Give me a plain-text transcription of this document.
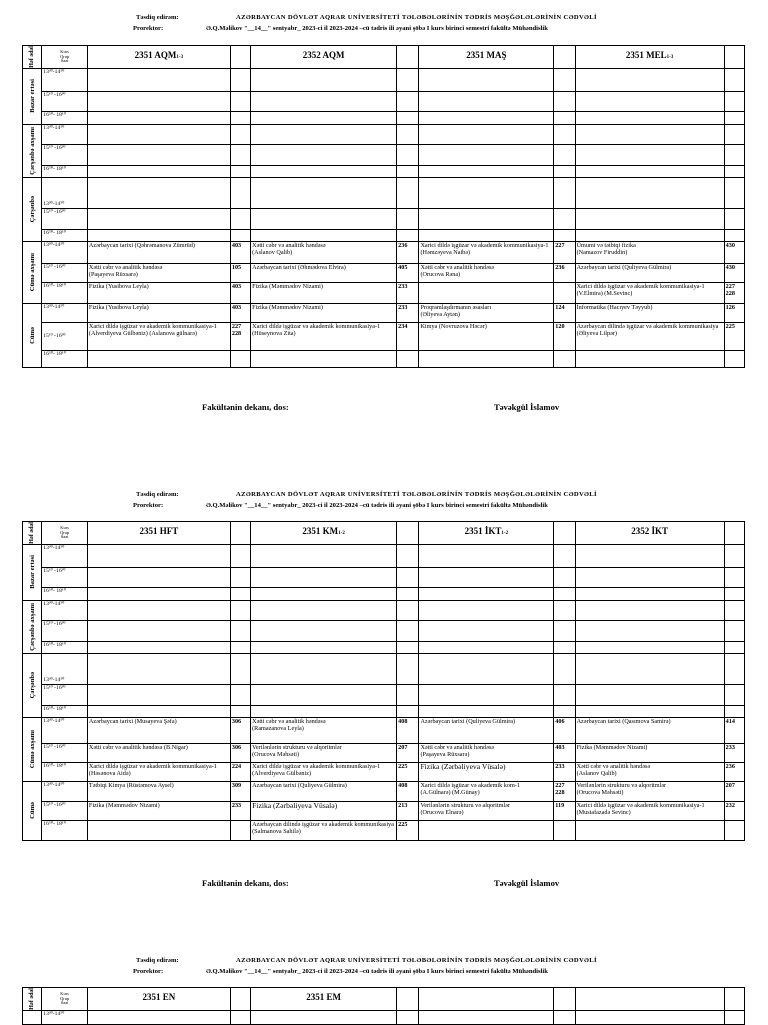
Təsdiq edirəm:	AZƏRBAYCAN DÖVLƏT AQRAR UNİVERSİTETİ TƏLƏBƏLƏRİNİN TƏDRİS MƏŞĞƏLƏLƏRİNİN CƏDVƏLİ
Prorektor:	Ə.Q.Məlikov "__14__" sentyabr_ 2023-ci il 2023-2024 –cü tədris ili əyani şöbə I kurs birinci semestri fakültə Mühəndislik
Həf ədəl	Kurs
Qrup
Saat	2351 AQM1-3		2352 AQM		2351 MAŞ		2351 MEL1-3	

Bazar ertəsi	13³⁰-14⁵⁰								
	15¹⁰ -16³⁰								
	16⁵⁰- 18¹⁰								

Çərşənbə axşamı	13³⁰-14⁵⁰								
	15¹⁰ -16³⁰								
	16⁵⁰- 18¹⁰								

Çərşənbə	13³⁰-14⁵⁰								
	15¹⁰ -16³⁰								
	16⁵⁰- 18¹⁰								

Cümə axşamı	13³⁰-14⁵⁰	Azərbaycan tarixi (Qəhrəmanova Zümrüd)	403	Xətti cəbr və analitik həndəsə
(Aslanov Qalib)	236	Xarici dildə işgüzar və akademik kommunikasiya-1 (Həmzəyeva Naibə)	227	Ümumi və tətbiqi fizika
(Namazov Firuddin)	430
	15¹⁰ -16³⁰	Xətti cəbr və analitik həndəsə
(Paşayeva Rüxsarə)	105	Azərbaycan tarixi (Əhmədova Elvira)	405	Xətti cəbr və analitik həndəsə
(Orucova Rəna)	236	Azərbaycan tarixi (Quliyeva Gülmira)	430
	16⁵⁰- 18¹⁰	Fizika (Yusibova Leyla)	403	Fizika (Məmmədov Nizami)	233			Xarici dildə işgüzar və akademik kommunikasiya-1 (V.Elmira) (M.Sevinc)	227
228

Cümə	13³⁰-14⁵⁰	Fizika (Yusibova Leyla)	403	Fizika (Məmmədov Nizami)	233	Proqramlaşdırmanın əsasları
(Əliyeva Aytən)	124	İnformatika (Hacıyev Təyyub)	126
	15¹⁰ -16³⁰	Xarici dildə işgüzar və akademik kommunikasiya-1 (Alverdiyeva Gülbəniz) (Aslanova gülnarə)	227
228	Xarici dildə işgüzar və akademik kommunikasiya-1 (Hüseynova Zita)	234	Kimya (Novruzova Həcər)	120	Azərbaycan dilində işgüzar və akademik kommunikasiya (Əliyeva Lilpər)	225
	16⁵⁰- 18¹⁰								
Fakültənin dekanı, dos:	Təvəkgül İslamov
Təsdiq edirəm:	AZƏRBAYCAN DÖVLƏT AQRAR UNİVERSİTETİ TƏLƏBƏLƏRİNİN TƏDRİS MƏŞĞƏLƏLƏRİNİN CƏDVƏLİ
Prorektor:	Ə.Q.Məlikov "__14__" sentyabr_ 2023-ci il 2023-2024 –cü tədris ili əyani şöbə I kurs birinci semestri fakültə Mühəndislik
Həf ədəl	Kurs
Qrup
Saat	2351 HFT		2351 KM1-2		2351 İKT1-2		2352 İKT	

Bazar ertəsi	13³⁰-14⁵⁰								
	15¹⁰ -16³⁰								
	16⁵⁰- 18¹⁰								

Çərşənbə axşamı	13³⁰-14⁵⁰								
	15¹⁰ -16³⁰								
	16⁵⁰- 18¹⁰								

Çərşənbə	13³⁰-14⁵⁰								
	15¹⁰ -16³⁰								
	16⁵⁰- 18¹⁰								

Cümə axşamı	13³⁰-14⁵⁰	Azərbaycan tarixi (Musayeva Şəfa)	306	Xətti cəbr və analitik həndəsə
(Ramazanova Leyla)	408	Azərbaycan tarixi (Quliyeva Gülmira)	406	Azərbaycan tarixi (Qasımova Samirə)	414
	15¹⁰ -16³⁰	Xətti cəbr və analitik həndəsə (B.Nigar)	306	Verilənlərin strukturu və alqoritmlər
(Orucova Məhsəti)	207	Xətti cəbr və analitik həndəsə
(Paşayeva Rüxsarə)	403	Fizika (Məmmədov Nizami)	233
	16⁵⁰- 18¹⁰	Xarici dildə işgüzar və akademik kommunikasiya-1 (Həsənova Aidə)	224	Xarici dildə işgüzar və akademik kommunikasiya-1 (Alverdiyeva Gülbəniz)	225	Fizika (Zərbəliyeva Vüsalə)	233	Xətti cəbr və analitik həndəsə
(Aslanov Qalib)	236

Cümə	13³⁰-14⁵⁰	Tətbiqi Kimya (Rüstəmova Aysel)	309	Azərbaycan tarixi (Quliyeva Gülmira)	408	Xarici dildə işgüzar və akademik kom-1
(A.Gülnarə) (M.Günay)	227
228	Verilənlərin strukturu və alqoritmlər
(Orucova Məhsəti)	207
	15¹⁰ -16³⁰	Fizika (Məmmədov Nizami)	233	Fizika (Zərbəliyeva Vüsalə)	213	Verilənlərin strukturu və alqoritmlər
(Orucova Elnarə)	119	Xarici dildə işgüzar və akademik kommunikasiya-1 (Mustafazadə Sevinc)	232
	16⁵⁰- 18¹⁰			Azərbaycan dilində işgüzar və akademik kommunikasiya (Salmanova Sahilə)	225				
Fakültənin dekanı, dos:	Təvəkgül İslamov
Təsdiq edirəm:	AZƏRBAYCAN DÖVLƏT AQRAR UNİVERSİTETİ TƏLƏBƏLƏRİNİN TƏDRİS MƏŞĞƏLƏLƏRİNİN CƏDVƏLİ
Prorektor:	Ə.Q.Məlikov "__14__" sentyabr_ 2023-ci il 2023-2024 –cü tədris ili əyani şöbə I kurs birinci semestri fakültə Mühəndislik
Həf ədəl	Kurs
Qrup
Saat	2351 EN		2351 EM					
	13³⁰-14⁵⁰								
